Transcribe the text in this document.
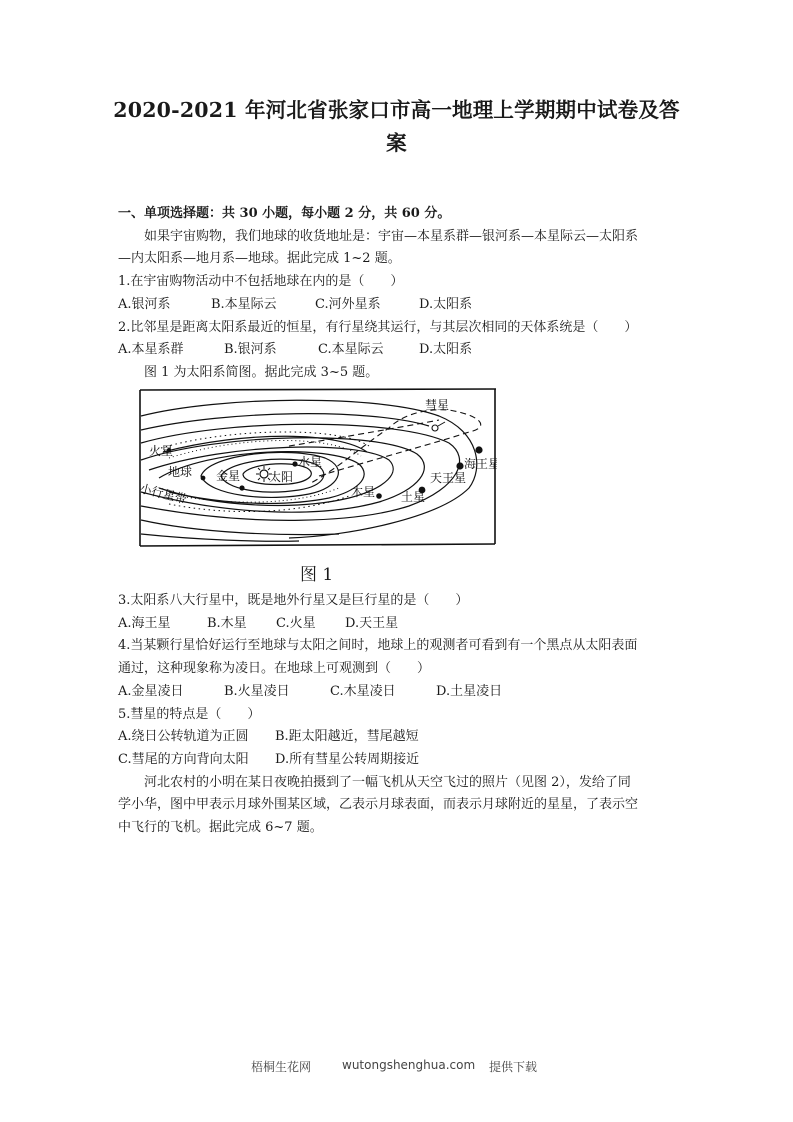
2020-2021 年河北省张家口市高一地理上学期期中试卷及答
案

一、单项选择题：共 30 小题，每小题 2 分，共 60 分。

如果宇宙购物，我们地球的收货地址是：宇宙—本星系群—银河系—本星际云—太阳系

—内太阳系—地月系—地球。据此完成 1~2 题。

1.在宇宙购物活动中不包括地球在内的是（　　）

A.银河系	B.本星际云	C.河外星系	D.太阳系

2.比邻星是距离太阳系最近的恒星，有行星绕其运行，与其层次相同的天体系统是（　　）

A.本星系群	B.银河系	C.本星际云	D.太阳系

图 1 为太阳系简图。据此完成 3~5 题。

彗星
火星
地球 金星
水星
太阳
小行星带	木星 土星
天王星
海王星
图 1

3.太阳系八大行星中，既是地外行星又是巨行星的是（　　）

A.海王星	B.木星	C.火星	D.天王星

4.当某颗行星恰好运行至地球与太阳之间时，地球上的观测者可看到有一个黑点从太阳表面

通过，这种现象称为凌日。在地球上可观测到（　　）

A.金星凌日	B.火星凌日	C.木星凌日	D.土星凌日

5.彗星的特点是（　　）

A.绕日公转轨道为正圆	B.距太阳越近，彗尾越短
C.彗尾的方向背向太阳	D.所有彗星公转周期接近

河北农村的小明在某日夜晚拍摄到了一幅飞机从天空飞过的照片（见图 2），发给了同

学小华，图中甲表示月球外围某区域，乙表示月球表面，而表示月球附近的星星，了表示空

中飞行的飞机。据此完成 6~7 题。

梧桐生花网	wutongshenghua.com 提供下载
